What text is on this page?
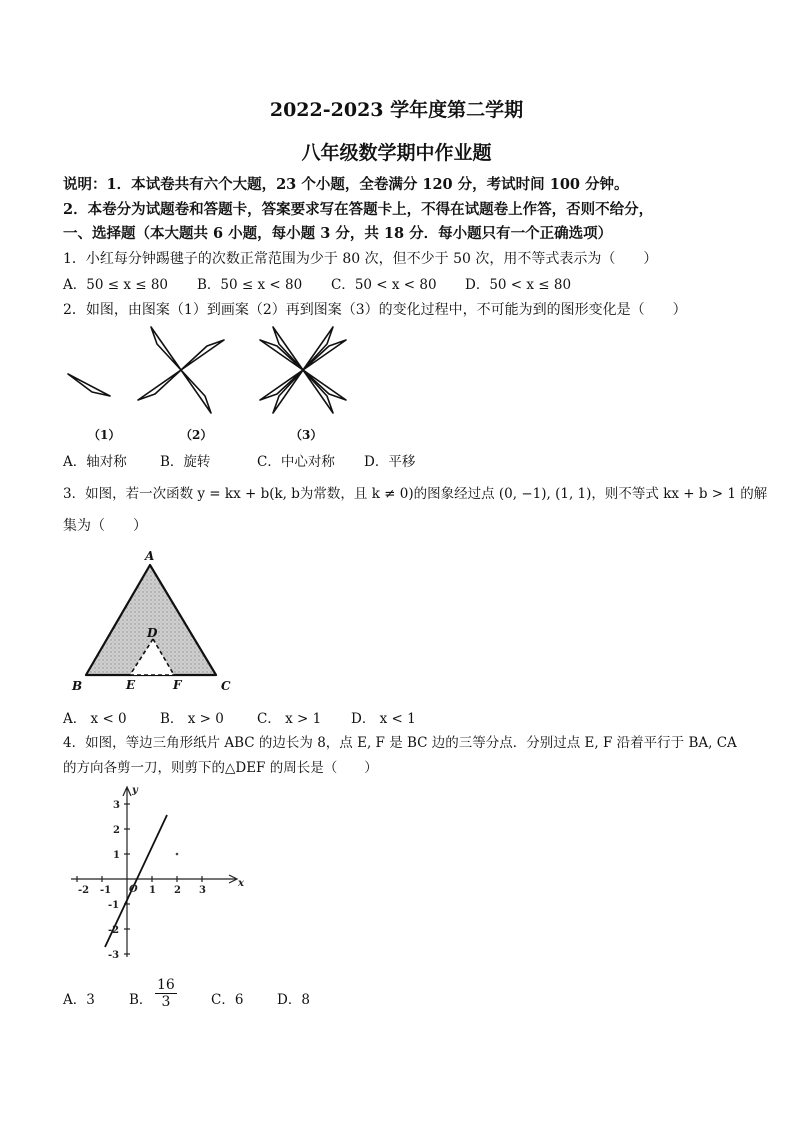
2022-2023 学年度第二学期
八年级数学期中作业题
说明：1．本试卷共有六个大题，23 个小题，全卷满分 120 分，考试时间 100 分钟。
2．本卷分为试题卷和答题卡，答案要求写在答题卡上，不得在试题卷上作答，否则不给分，
一、选择题（本大题共 6 小题，每小题 3 分，共 18 分．每小题只有一个正确选项）
1．小红每分钟踢毽子的次数正常范围为少于 80 次，但不少于 50 次，用不等式表示为（　　）
A．50 ≤ x ≤ 80 B．50 ≤ x < 80 C．50 < x < 80 D．50 < x ≤ 80
2．如图，由图案（1）到画案（2）再到图案（3）的变化过程中，不可能为到的图形变化是（　　）
（1）	（2）	（3）
A．轴对称 B．旋转	C．中心对称 D．平移
3．如图，若一次函数 y = kx + b(k, b为常数，且 k ≠ 0)的图象经过点 (0, −1), (1, 1)，则不等式 kx + b > 1 的解
集为（　　）
A
B	C
D
E	F
A． x < 0 B． x > 0 C． x > 1 D． x < 1
4．如图，等边三角形纸片 ABC 的边长为 8，点 E, F 是 BC 边的三等分点．分别过点 E, F 沿着平行于 BA, CA
的方向各剪一刀，则剪下的△DEF 的周长是（　　）
y
x
3
2
1
-1
-2
-3
-2 -1 O 1 2 3
A．3	B． $\frac{16}{3}$	C．6 D．8
